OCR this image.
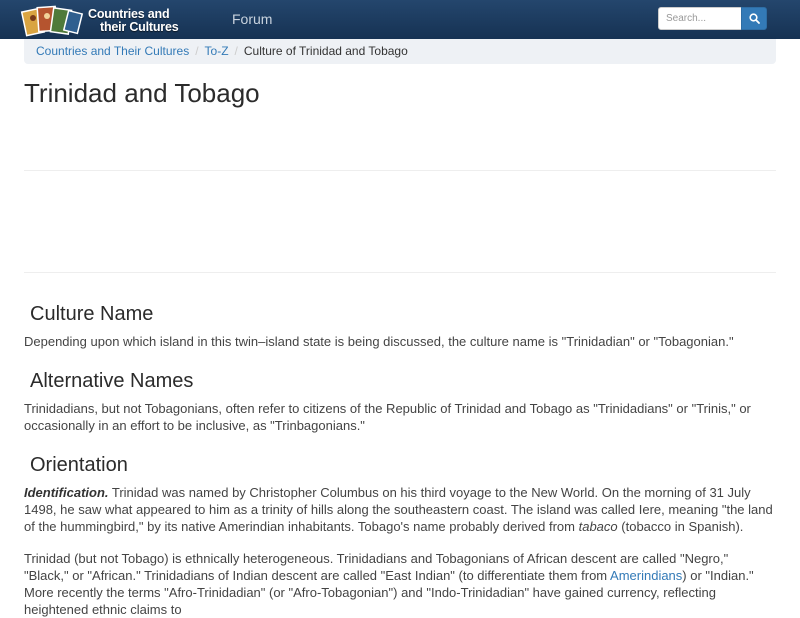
Countries and
their Cultures	Forum
Search...
Countries and Their Cultures / To-Z / Culture of Trinidad and Tobago
Trinidad and Tobago
Culture Name

Depending upon which island in this twin–island state is being discussed, the culture name is "Trinidadian" or "Tobagonian."

Alternative Names

Trinidadians, but not Tobagonians, often refer to citizens of the Republic of Trinidad and Tobago as "Trinidadians" or "Trinis," or occasionally in an effort to be inclusive, as "Trinbagonians."

Orientation

Identification. Trinidad was named by Christopher Columbus on his third voyage to the New World. On the morning of 31 July 1498, he saw what appeared to him as a trinity of hills along the southeastern coast. The island was called Iere, meaning "the land of the hummingbird," by its native Amerindian inhabitants. Tobago's name probably derived from tabaco (tobacco in Spanish).

Trinidad (but not Tobago) is ethnically heterogeneous. Trinidadians and Tobagonians of African descent are called "Negro," "Black," or "African." Trinidadians of Indian descent are called "East Indian" (to differentiate them from Amerindians) or "Indian." More recently the terms "Afro-Trinidadian" (or "Afro-Tobagonian") and "Indo-Trinidadian" have gained currency, reflecting heightened ethnic claims to
